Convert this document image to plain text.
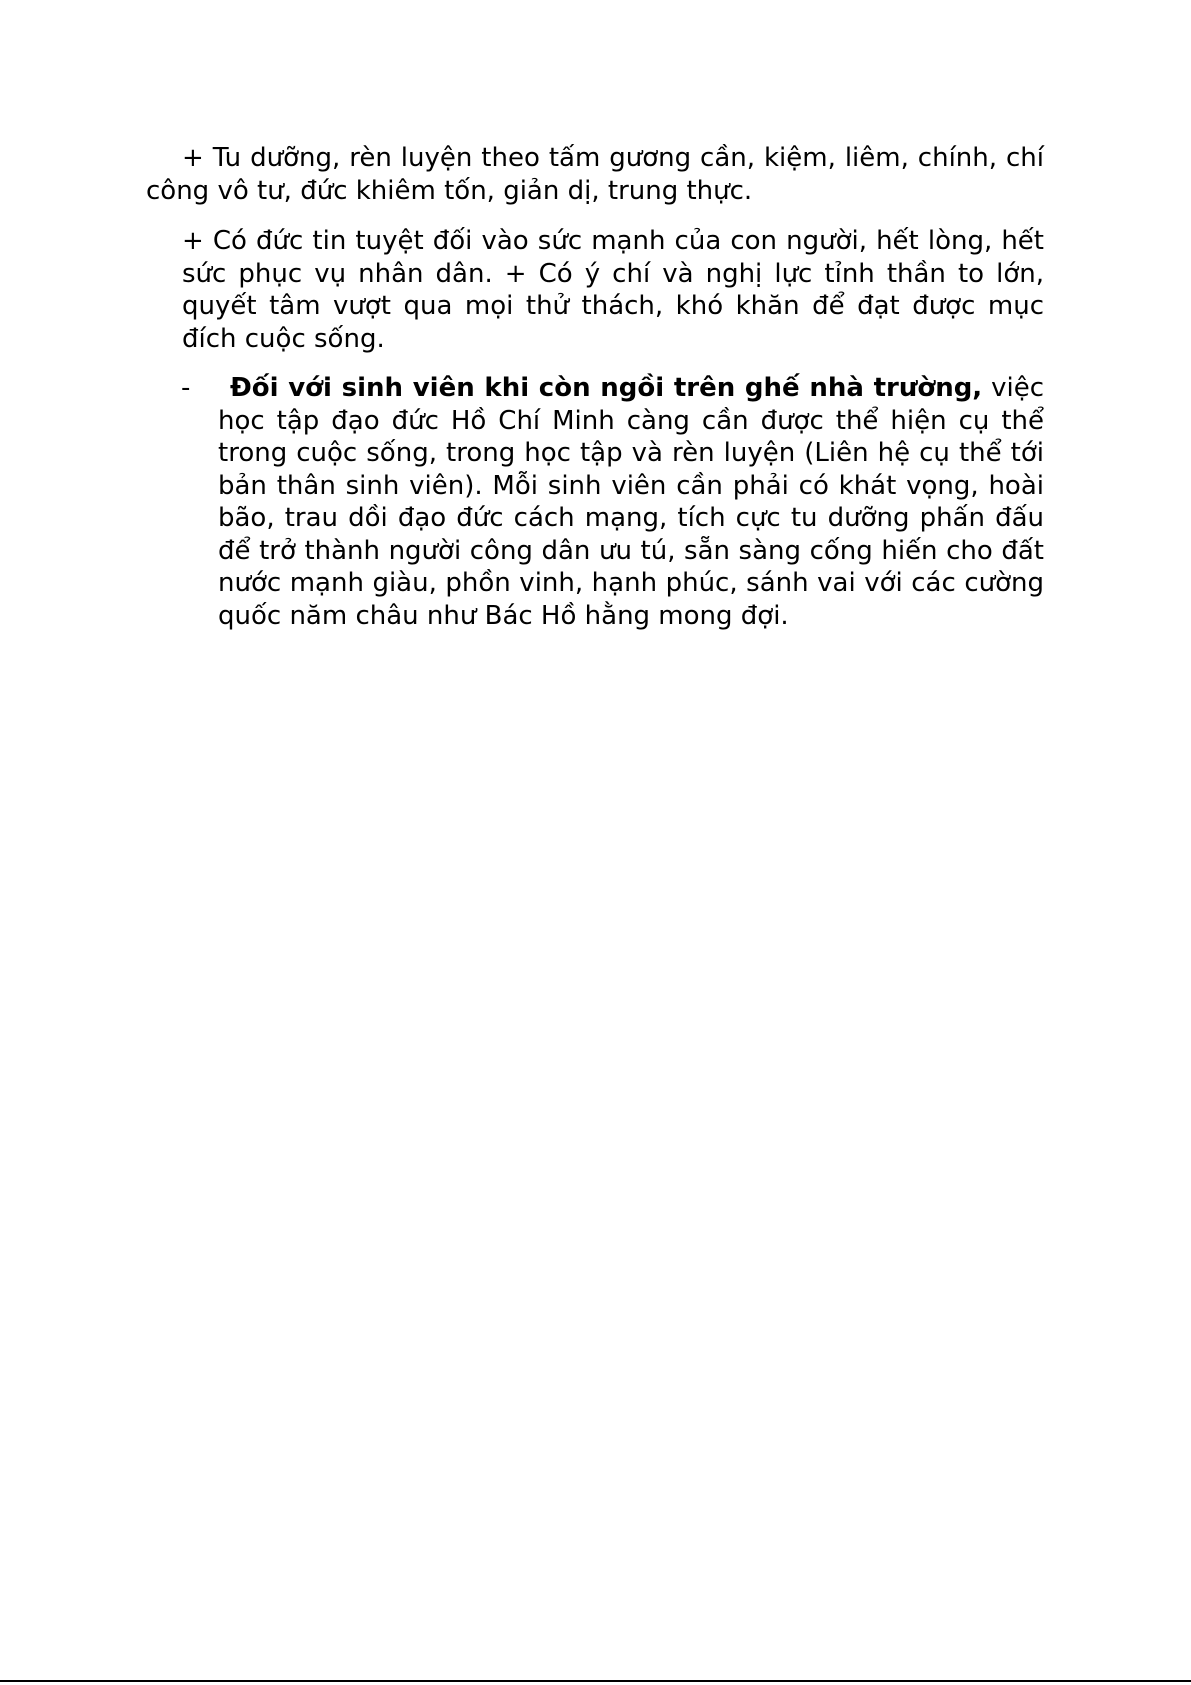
+ Tu dưỡng, rèn luyện theo tấm gương cần, kiệm, liêm, chính, chí công vô tư, đức khiêm tốn, giản dị, trung thực.

+ Có đức tin tuyệt đối vào sức mạnh của con người, hết lòng, hết sức phục vụ nhân dân. + Có ý chí và nghị lực tỉnh thần to lớn, quyết tâm vượt qua mọi thử thách, khó khăn để đạt được mục đích cuộc sống.

-	Đối với sinh viên khi còn ngồi trên ghế nhà trường, việc học tập đạo đức Hồ Chí Minh càng cần được thể hiện cụ thể trong cuộc sống, trong học tập và rèn luyện (Liên hệ cụ thể tới bản thân sinh viên). Mỗi sinh viên cần phải có khát vọng, hoài bão, trau dồi đạo đức cách mạng, tích cực tu dưỡng phấn đấu để trở thành người công dân ưu tú, sẵn sàng cống hiến cho đất nước mạnh giàu, phồn vinh, hạnh phúc, sánh vai với các cường quốc năm châu như Bác Hồ hằng mong đợi.
